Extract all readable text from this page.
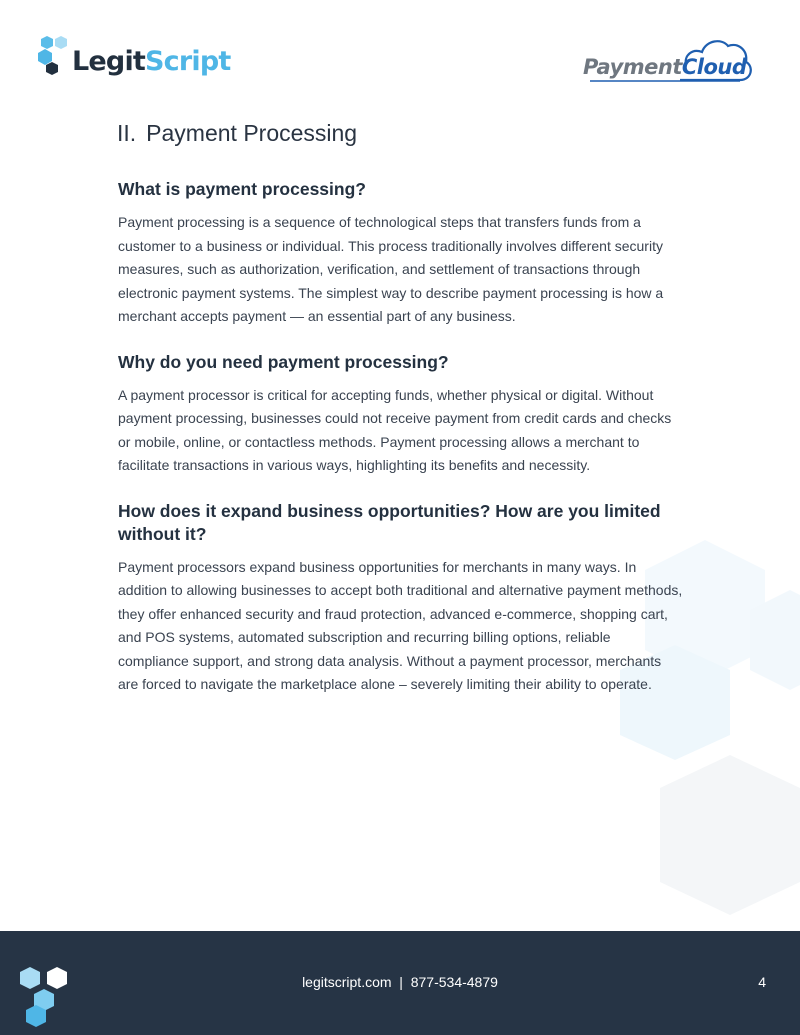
LegitScript	PaymentCloud
II. Payment Processing
What is payment processing?

Payment processing is a sequence of technological steps that transfers funds from a customer to a business or individual. This process traditionally involves different security measures, such as authorization, verification, and settlement of transactions through electronic payment systems. The simplest way to describe payment processing is how a merchant accepts payment — an essential part of any business.

Why do you need payment processing?

A payment processor is critical for accepting funds, whether physical or digital. Without payment processing, businesses could not receive payment from credit cards and checks or mobile, online, or contactless methods. Payment processing allows a merchant to facilitate transactions in various ways, highlighting its benefits and necessity.

How does it expand business opportunities? How are you limited without it?

Payment processors expand business opportunities for merchants in many ways. In addition to allowing businesses to accept both traditional and alternative payment methods, they offer enhanced security and fraud protection, advanced e-commerce, shopping cart, and POS systems, automated subscription and recurring billing options, reliable compliance support, and strong data analysis. Without a payment processor, merchants are forced to navigate the marketplace alone – severely limiting their ability to operate.

legitscript.com  |  877-534-4879	4
